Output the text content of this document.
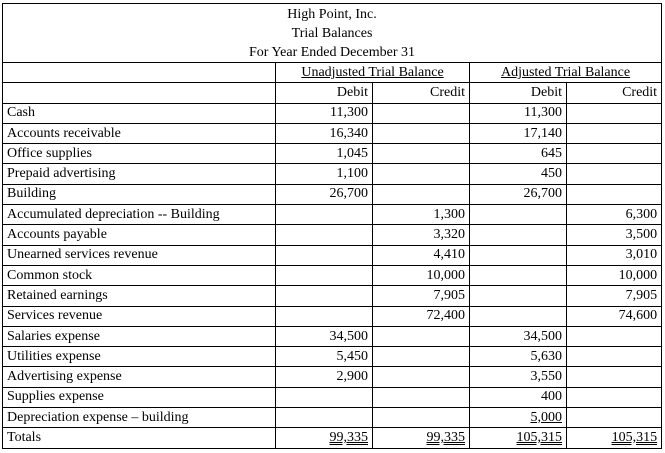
High Point, Inc.
Trial Balances
For Year Ended December 31				

	Unadjusted Trial Balance		Adjusted Trial Balance	
	Debit	Credit	Debit	Credit
Cash	11,300		11,300	
Accounts receivable	16,340		17,140	
Office supplies	1,045		645	
Prepaid advertising	1,100		450	
Building	26,700		26,700	
Accumulated depreciation -- Building		1,300		6,300
Accounts payable		3,320		3,500
Unearned services revenue		4,410		3,010
Common stock		10,000		10,000
Retained earnings		7,905		7,905
Services revenue		72,400		74,600
Salaries expense	34,500		34,500	
Utilities expense	5,450		5,630	
Advertising expense	2,900		3,550	
Supplies expense			400	
Depreciation expense – building			5,000	
Totals	99,335	99,335	105,315	105,315
